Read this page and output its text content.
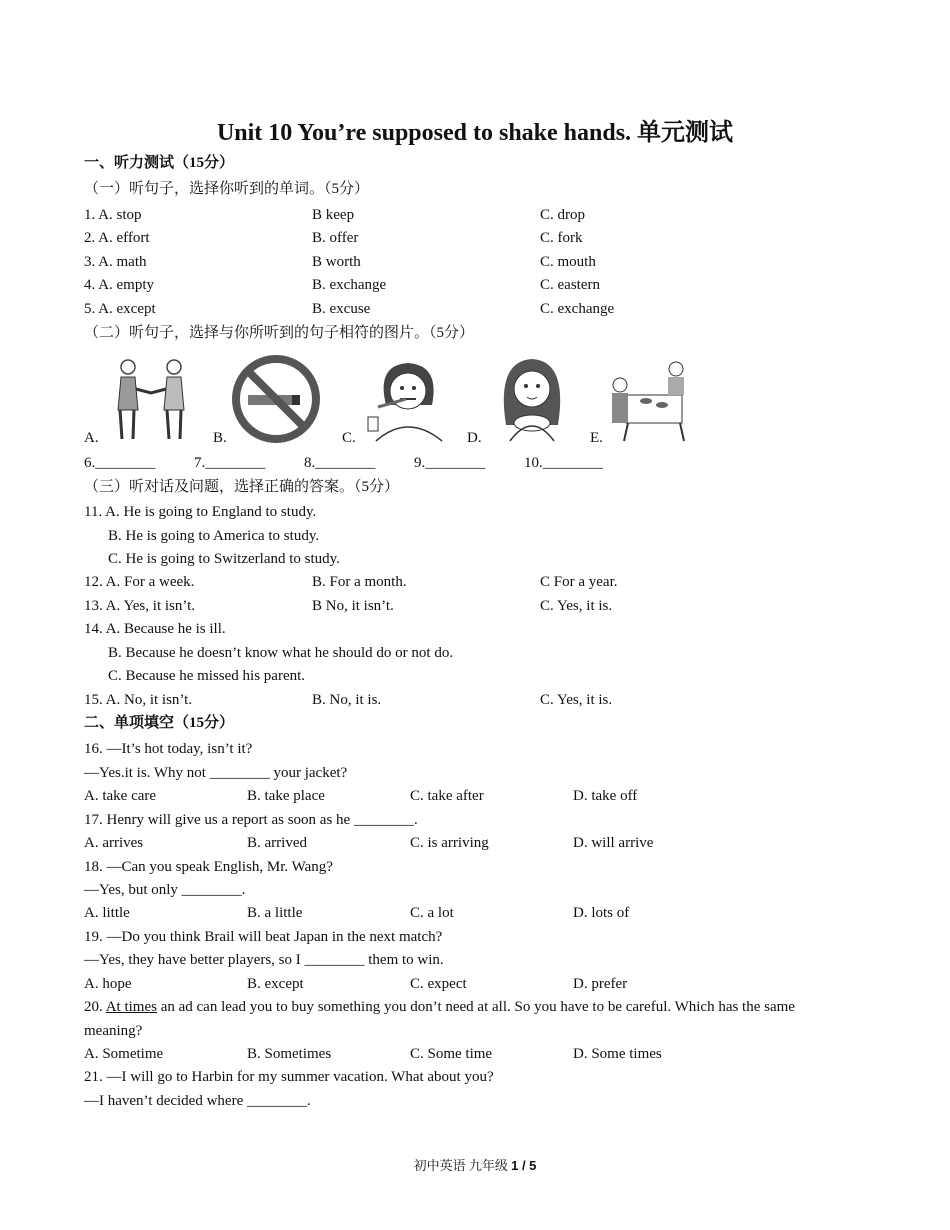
Unit 10 You’re supposed to shake hands. 单元测试
一、听力测试（15分）
（一）听句子，选择你听到的单词。（5分）
1. A. stop	B keep	C. drop
2. A. effort	B. offer	C. fork
3. A. math	B worth	C. mouth
4. A. empty	B. exchange	C. eastern
5. A. except	B. excuse	C. exchange
（二）听句子，选择与你所听到的句子相符的图片。（5分）
A.	B.	C.	D.	E.
6.________	7.________	8.________	9.________	10.________
（三）听对话及问题，选择正确的答案。（5分）
11. A. He is going to England to study.
B. He is going to America to study.
C. He is going to Switzerland to study.
12. A. For a week.	B. For a month.	C For a year.
13. A. Yes, it isn’t.	B No, it isn’t.	C. Yes, it is.
14. A. Because he is ill.
B. Because he doesn’t know what he should do or not do.
C. Because he missed his parent.
15. A. No, it isn’t.	B. No, it is.	C. Yes, it is.
二、单项填空（15分）
16. —It’s hot today, isn’t it?
—Yes.it is. Why not ________ your jacket?
A. take care	B. take place	C. take after	D. take off
17. Henry will give us a report as soon as he ________.
A. arrives	B. arrived	C. is arriving	D. will arrive
18. —Can you speak English, Mr. Wang?
—Yes, but only ________.
A. little	B. a little	C. a lot	D. lots of
19. —Do you think Brail will beat Japan in the next match?
—Yes, they have better players, so I ________ them to win.
A. hope	B. except	C. expect	D. prefer
20. At times an ad can lead you to buy something you don’t need at all. So you have to be careful. Which has the same
meaning?
A. Sometime	B. Sometimes	C. Some time	D. Some times
21. —I will go to Harbin for my summer vacation. What about you?
—I haven’t decided where ________.
初中英语 九年级 1 / 5
